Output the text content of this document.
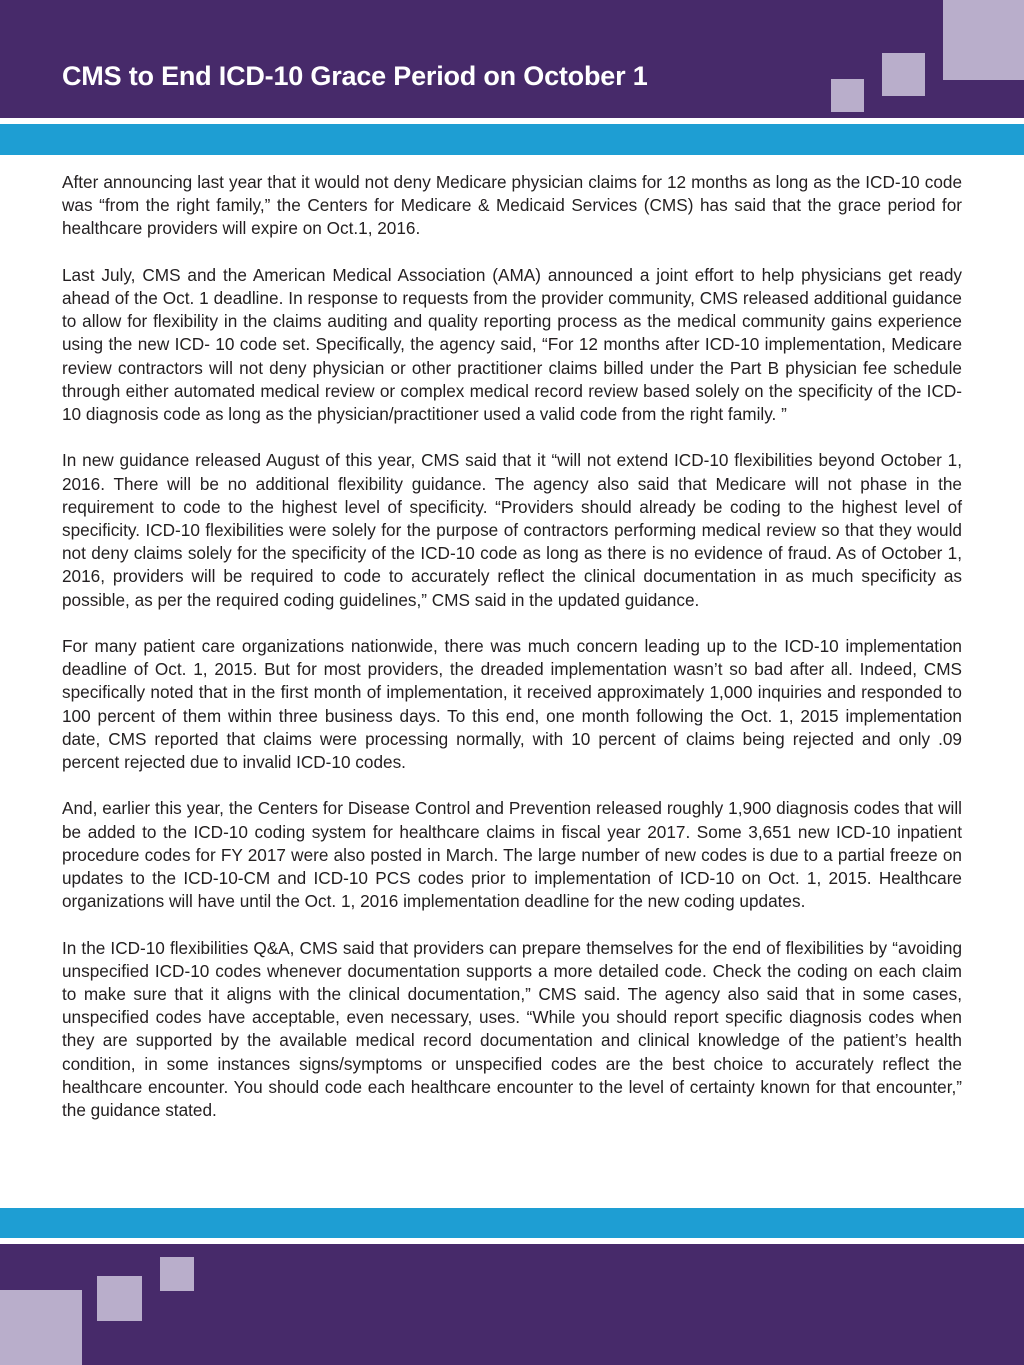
CMS to End ICD-10 Grace Period on October 1

After announcing last year that it would not deny Medicare physician claims for 12 months as long as the ICD-10 code was “from the right family,” the Centers for Medicare & Medicaid Services (CMS) has said that the grace period for healthcare providers will expire on Oct.1, 2016.

Last July, CMS and the American Medical Association (AMA) announced a joint effort to help physicians get ready ahead of the Oct. 1 deadline. In response to requests from the provider community, CMS released additional guidance to allow for flexibility in the claims auditing and quality reporting process as the medical community gains experience using the new ICD- 10 code set. Specifically, the agency said, “For 12 months after ICD-10 implementation, Medicare review contractors will not deny physician or other practitioner claims billed under the Part B physician fee schedule through either automated medical review or complex medical record review based solely on the specificity of the ICD-10 diagnosis code as long as the physician/practitioner used a valid code from the right family. ”

In new guidance released August of this year, CMS said that it “will not extend ICD-10 flexibilities beyond October 1, 2016. There will be no additional flexibility guidance. The agency also said that Medicare will not phase in the requirement to code to the highest level of specificity. “Providers should already be coding to the highest level of specificity. ICD-10 flexibilities were solely for the purpose of contractors performing medical review so that they would not deny claims solely for the specificity of the ICD-10 code as long as there is no evidence of fraud. As of October 1, 2016, providers will be required to code to accurately reflect the clinical documentation in as much specificity as possible, as per the required coding guidelines,” CMS said in the updated guidance.

For many patient care organizations nationwide, there was much concern leading up to the ICD-10 implementation deadline of Oct. 1, 2015. But for most providers, the dreaded implementation wasn’t so bad after all. Indeed, CMS specifically noted that in the first month of implementation, it received approximately 1,000 inquiries and responded to 100 percent of them within three business days. To this end, one month following the Oct. 1, 2015 implementation date, CMS reported that claims were processing normally, with 10 percent of claims being rejected and only .09 percent rejected due to invalid ICD-10 codes.

And, earlier this year, the Centers for Disease Control and Prevention released roughly 1,900 diagnosis codes that will be added to the ICD-10 coding system for healthcare claims in fiscal year 2017. Some 3,651 new ICD-10 inpatient procedure codes for FY 2017 were also posted in March. The large number of new codes is due to a partial freeze on updates to the ICD-10-CM and ICD-10 PCS codes prior to implementation of ICD-10 on Oct. 1, 2015. Healthcare organizations will have until the Oct. 1, 2016 implementation deadline for the new coding updates.

In the ICD-10 flexibilities Q&A, CMS said that providers can prepare themselves for the end of flexibilities by “avoiding unspecified ICD-10 codes whenever documentation supports a more detailed code. Check the coding on each claim to make sure that it aligns with the clinical documentation,” CMS said. The agency also said that in some cases, unspecified codes have acceptable, even necessary, uses. “While you should report specific diagnosis codes when they are supported by the available medical record documentation and clinical knowledge of the patient’s health condition, in some instances signs/symptoms or unspecified codes are the best choice to accurately reflect the healthcare encounter. You should code each healthcare encounter to the level of certainty known for that encounter,” the guidance stated.
